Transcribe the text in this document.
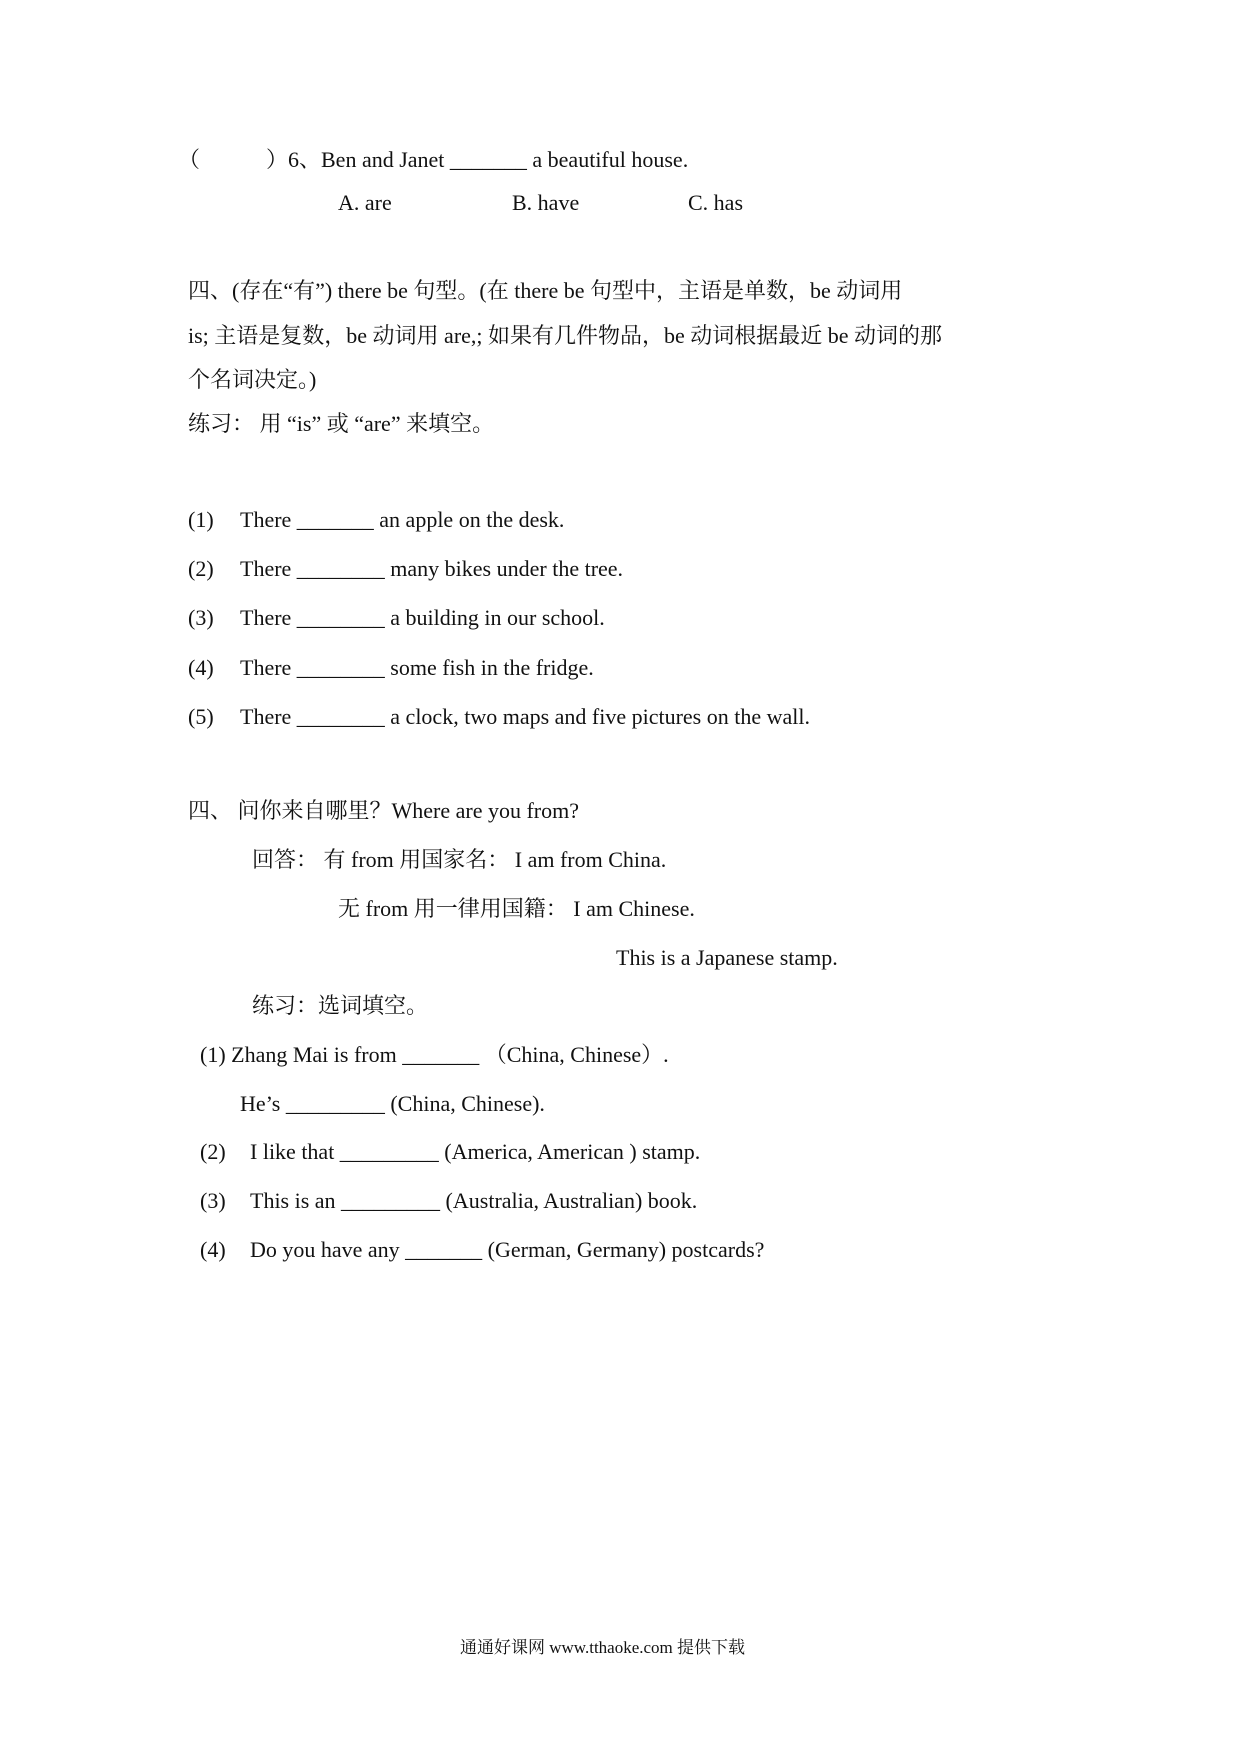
（　　　）6、Ben and Janet _______ a beautiful house.
A. are	B. have	C. has
四、(存在“有”) there be 句型。(在 there be 句型中，主语是单数，be 动词用
is; 主语是复数，be 动词用 are,; 如果有几件物品，be 动词根据最近 be 动词的那
个名词决定。)
练习： 用 “is” 或 “are” 来填空。
(1) There _______ an apple on the desk.
(2) There ________ many bikes under the tree.
(3) There ________ a building in our school.
(4) There ________ some fish in the fridge.
(5) There ________ a clock, two maps and five pictures on the wall.
四、 问你来自哪里？Where are you from?
回答： 有 from 用国家名： I am from China.
无 from 用一律用国籍： I am Chinese.
This is a Japanese stamp.
练习：选词填空。
(1) Zhang Mai is from _______ （China, Chinese）.
He’s _________ (China, Chinese).
(2) I like that _________ (America, American ) stamp.
(3) This is an _________ (Australia, Australian) book.
(4) Do you have any _______ (German, Germany) postcards?
通通好课网 www.tthaoke.com 提供下载
